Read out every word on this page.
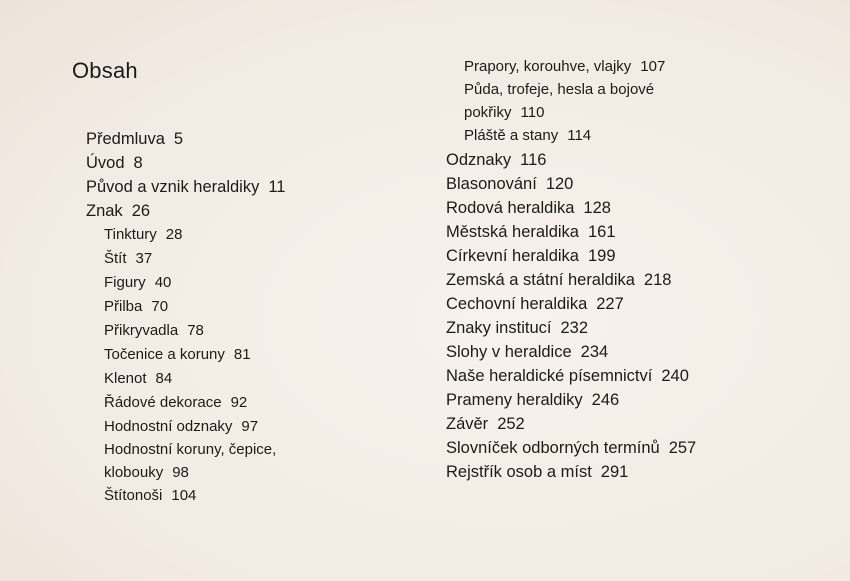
Obsah
Předmluva 5
Úvod 8
Původ a vznik heraldiky 11
Znak 26
Tinktury 28
Štít 37
Figury 40
Přilba 70
Přikryvadla 78
Točenice a koruny 81
Klenot 84
Řádové dekorace 92
Hodnostní odznaky 97
Hodnostní koruny, čepice, klobouky 98
Štítonoši 104
Prapory, korouhve, vlajky 107
Půda, trofeje, hesla a bojové pokřiky 110
Pláště a stany 114
Odznaky 116
Blasonování 120
Rodová heraldika 128
Městská heraldika 161
Církevní heraldika 199
Zemská a státní heraldika 218
Cechovní heraldika 227
Znaky institucí 232
Slohy v heraldice 234
Naše heraldické písemnictví 240
Prameny heraldiky 246
Závěr 252
Slovníček odborných termínů 257
Rejstřík osob a míst 291
